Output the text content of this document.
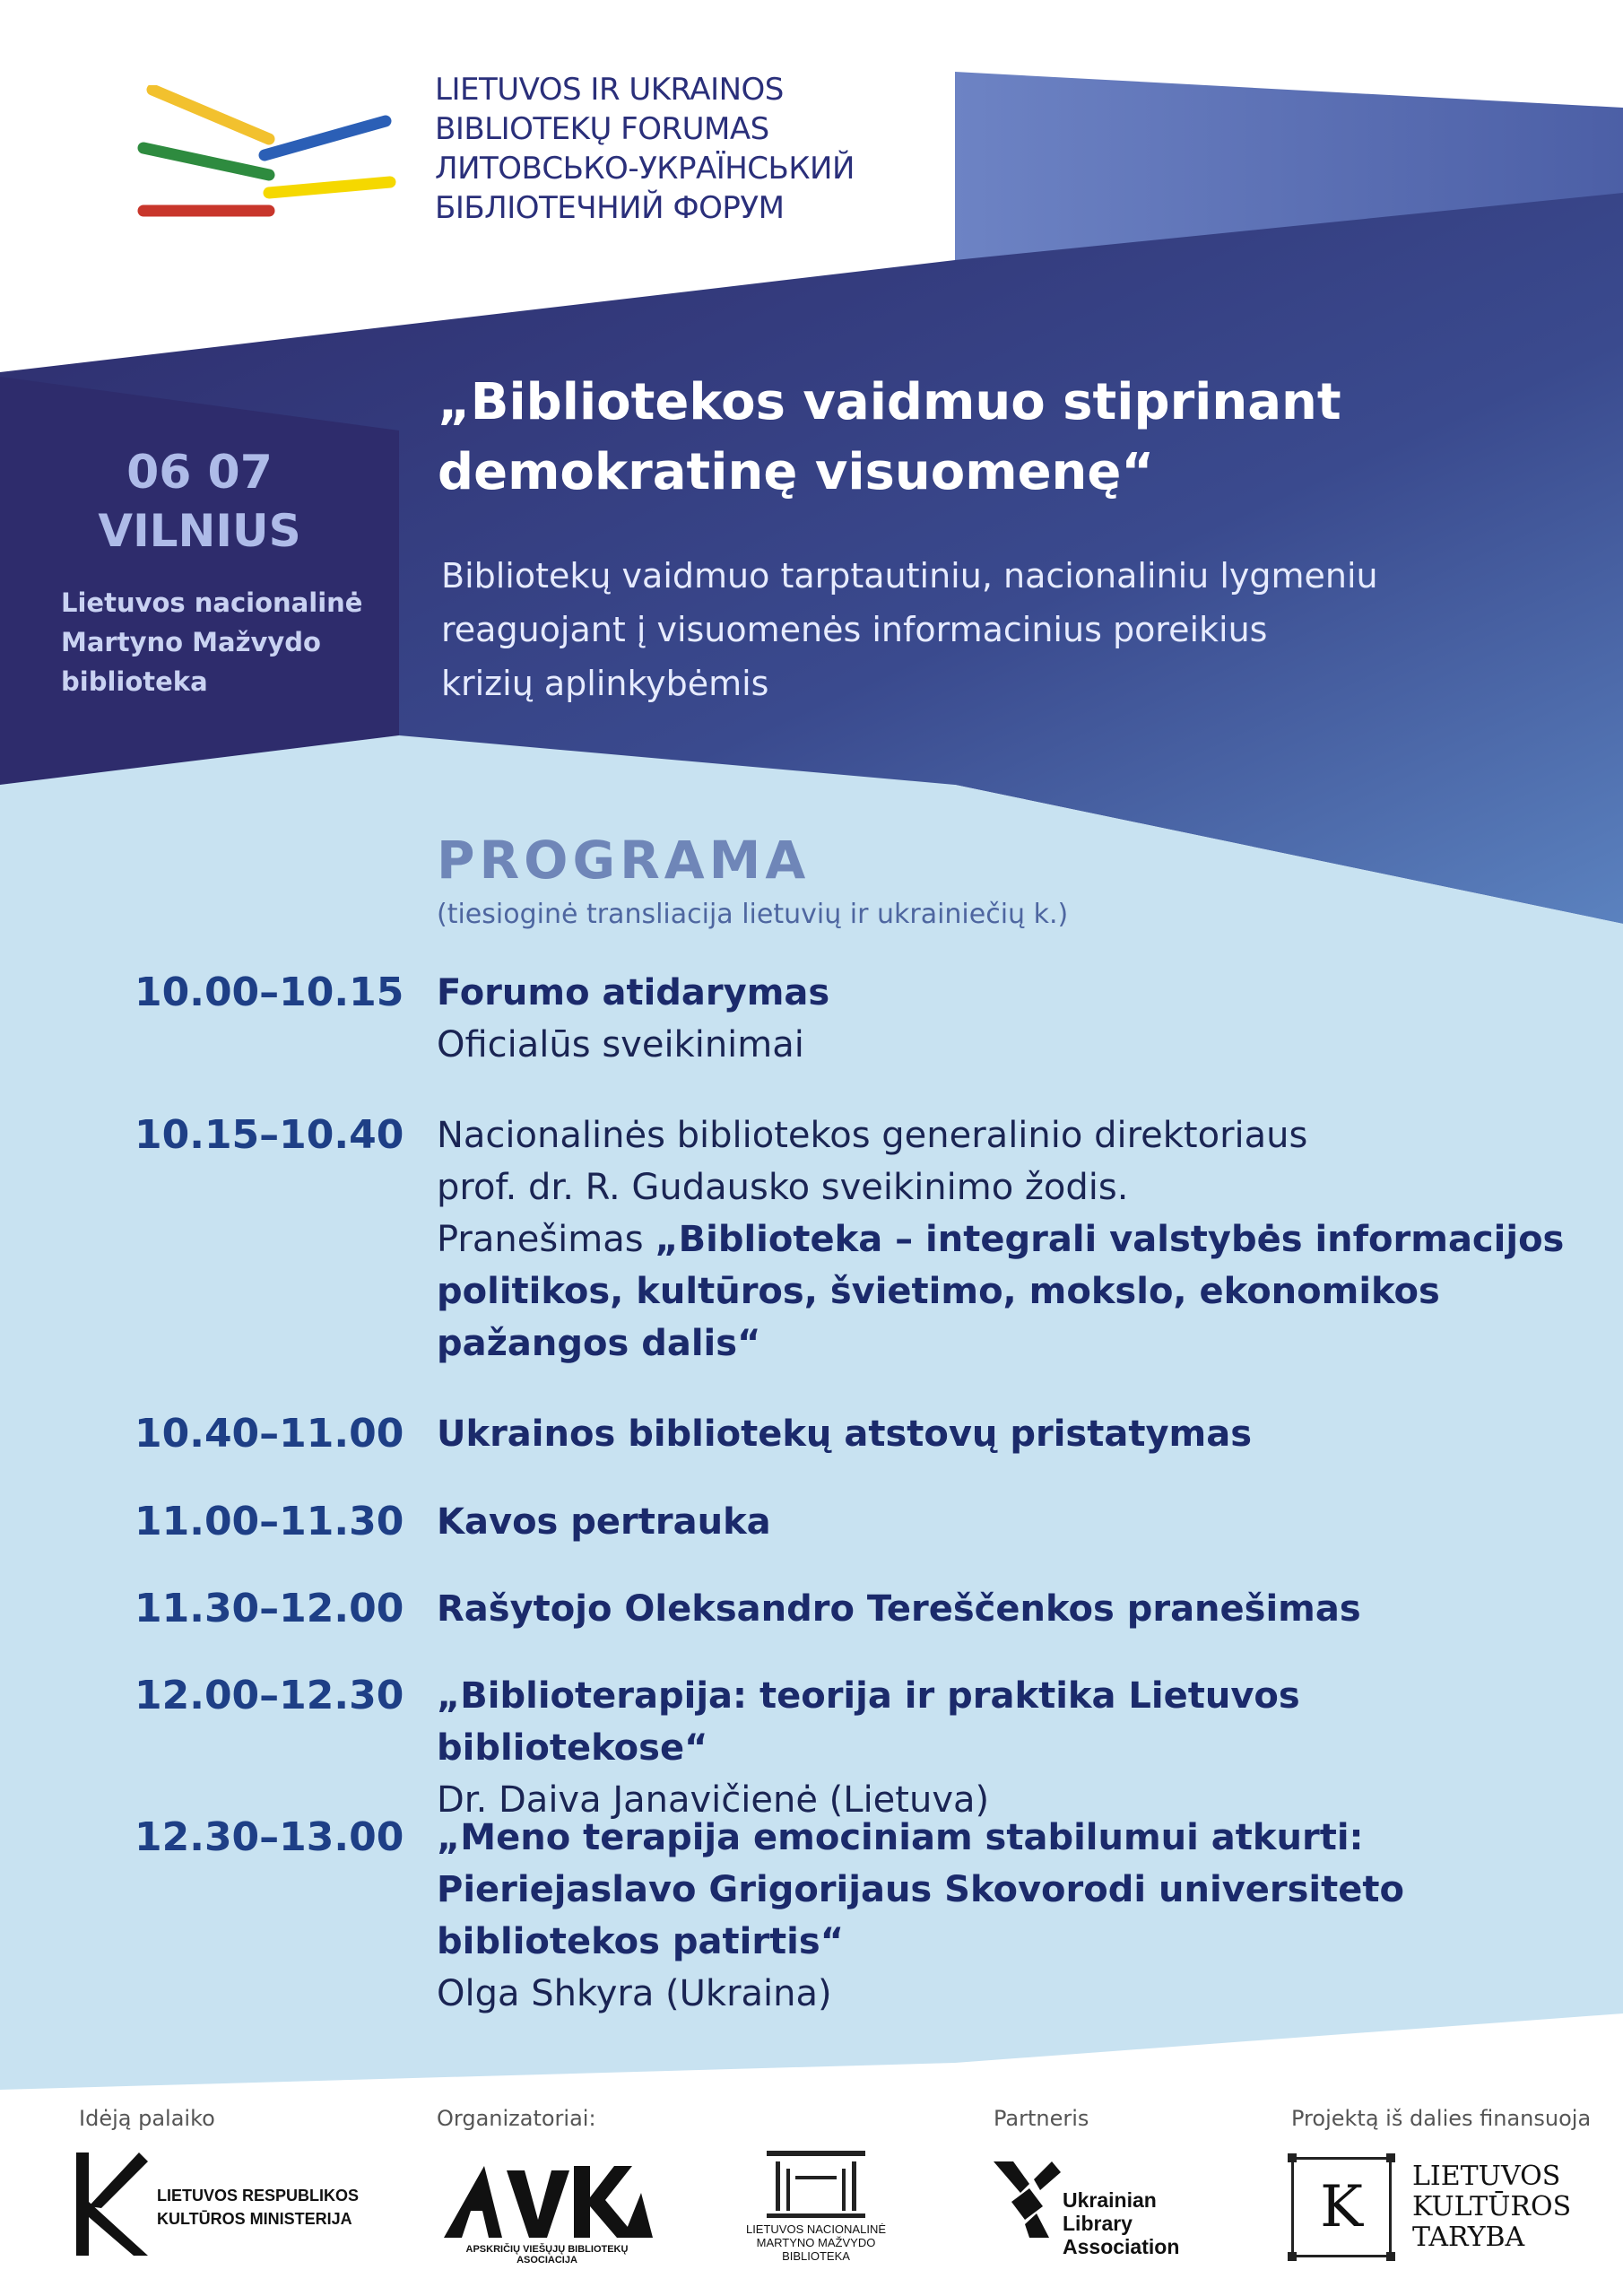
LIETUVOS IR UKRAINOS
BIBLIOTEKŲ FORUMAS
ЛИТОВСЬКО-УКРАЇНСЬКИЙ
БІБЛІОТЕЧНИЙ ФОРУМ
06 07
VILNIUS
Lietuvos nacionalinė
Martyno Mažvydo
biblioteka
„Bibliotekos vaidmuo stiprinant
demokratinę visuomenę“
Bibliotekų vaidmuo tarptautiniu, nacionaliniu lygmeniu
reaguojant į visuomenės informacinius poreikius
krizių aplinkybėmis
PROGRAMA
(tiesioginė transliacija lietuvių ir ukrainiečių k.)
10.00–10.15 Forumo atidarymas
Oficialūs sveikinimai
10.15–10.40 Nacionalinės bibliotekos generalinio direktoriaus
prof. dr. R. Gudausko sveikinimo žodis.
Pranešimas „Biblioteka – integrali valstybės informacijos
politikos, kultūros, švietimo, mokslo, ekonomikos
pažangos dalis“
10.40–11.00 Ukrainos bibliotekų atstovų pristatymas
11.00–11.30 Kavos pertrauka
11.30–12.00 Rašytojo Oleksandro Tereščenkos pranešimas
12.00–12.30 „Biblioterapija: teorija ir praktika Lietuvos bibliotekose“
Dr. Daiva Janavičienė (Lietuva)
12.30–13.00 „Meno terapija emociniam stabilumui atkurti:
Pieriejaslavo Grigorijaus Skovorodi universiteto
bibliotekos patirtis“
Olga Shkyra (Ukraina)
Idėją palaiko	Organizatoriai:	Partneris	Projektą iš dalies finansuoja
LIETUVOS RESPUBLIKOS
KULTŪROS MINISTERIJA
APSKRIČIŲ VIEŠŲJŲ BIBLIOTEKŲ ASOCIACIJA
LIETUVOS NACIONALINĖ
MARTYNO MAŽVYDO
BIBLIOTEKA
Ukrainian
Library
Association
K LIETUVOS
KULTŪROS
TARYBA
